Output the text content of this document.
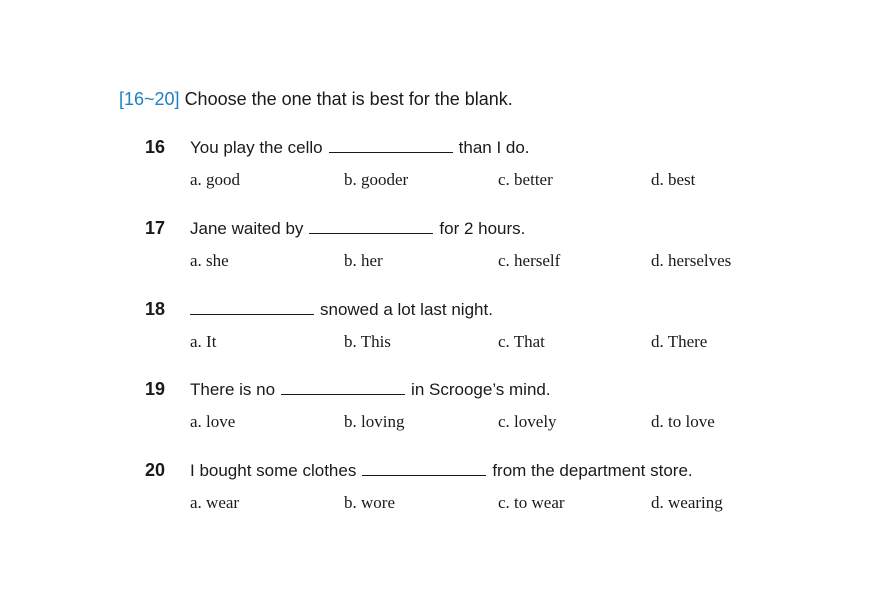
[16~20] Choose the one that is best for the blank.
16 You play the cello	than I do.
a. good	b. gooder	c. better	d. best
17 Jane waited by	for 2 hours.
a. she	b. her	c. herself	d. herselves
18	snowed a lot last night.
a. It	b. This	c. That	d. There
19 There is no	in Scrooge’s mind.
a. love	b. loving	c. lovely	d. to love
20 I bought some clothes	from the department store.
a. wear	b. wore	c. to wear	d. wearing
